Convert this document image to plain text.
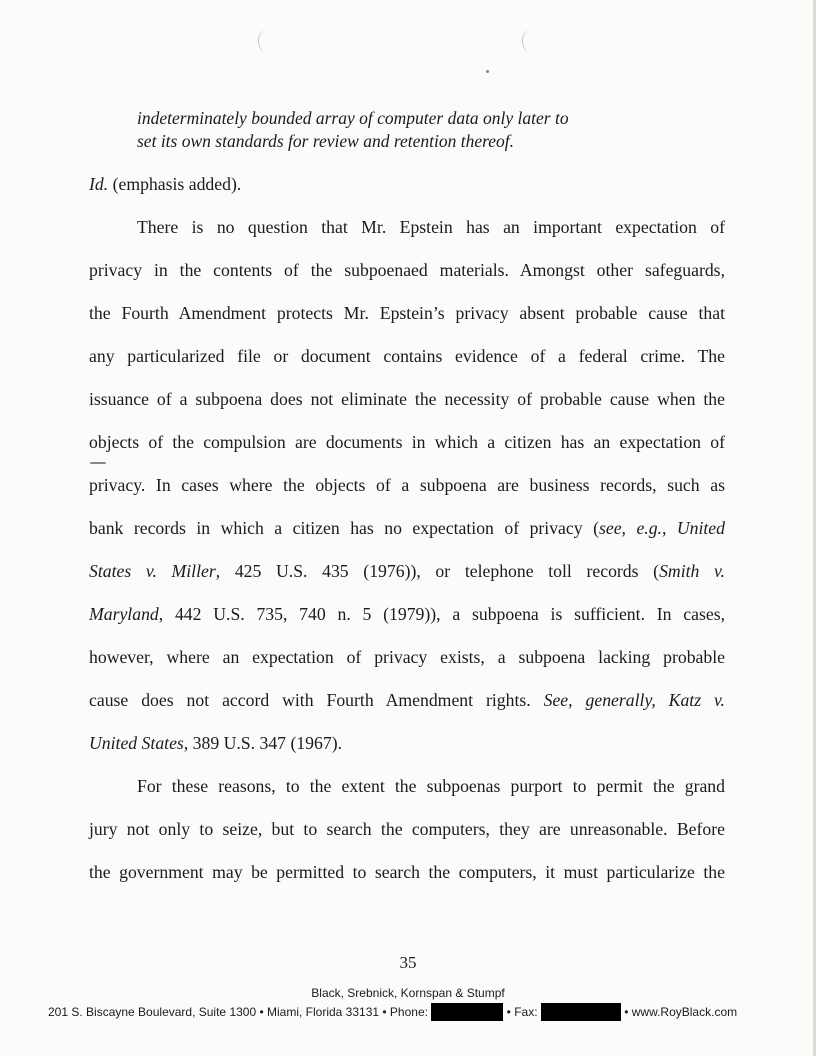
indeterminately bounded array of computer data only later to
set its own standards for review and retention thereof.
Id. (emphasis added).
There is no question that Mr. Epstein has an important expectation of
privacy in the contents of the subpoenaed materials. Amongst other safeguards,
the Fourth Amendment protects Mr. Epstein’s privacy absent probable cause that
any particularized file or document contains evidence of a federal crime. The
issuance of a subpoena does not eliminate the necessity of probable cause when the
objects of the compulsion are documents in which a citizen has an expectation of
privacy. In cases where the objects of a subpoena are business records, such as
bank records in which a citizen has no expectation of privacy (see, e.g., United
States v. Miller, 425 U.S. 435 (1976)), or telephone toll records (Smith v.
Maryland, 442 U.S. 735, 740 n. 5 (1979)), a subpoena is sufficient. In cases,
however, where an expectation of privacy exists, a subpoena lacking probable
cause does not accord with Fourth Amendment rights. See, generally, Katz v.
United States, 389 U.S. 347 (1967).
For these reasons, to the extent the subpoenas purport to permit the grand
jury not only to seize, but to search the computers, they are unreasonable. Before
the government may be permitted to search the computers, it must particularize the
35
Black, Srebnick, Kornspan & Stumpf
201 S. Biscayne Boulevard, Suite 1300 • Miami, Florida 33131 • Phone:	• Fax:	• www.RoyBlack.com
